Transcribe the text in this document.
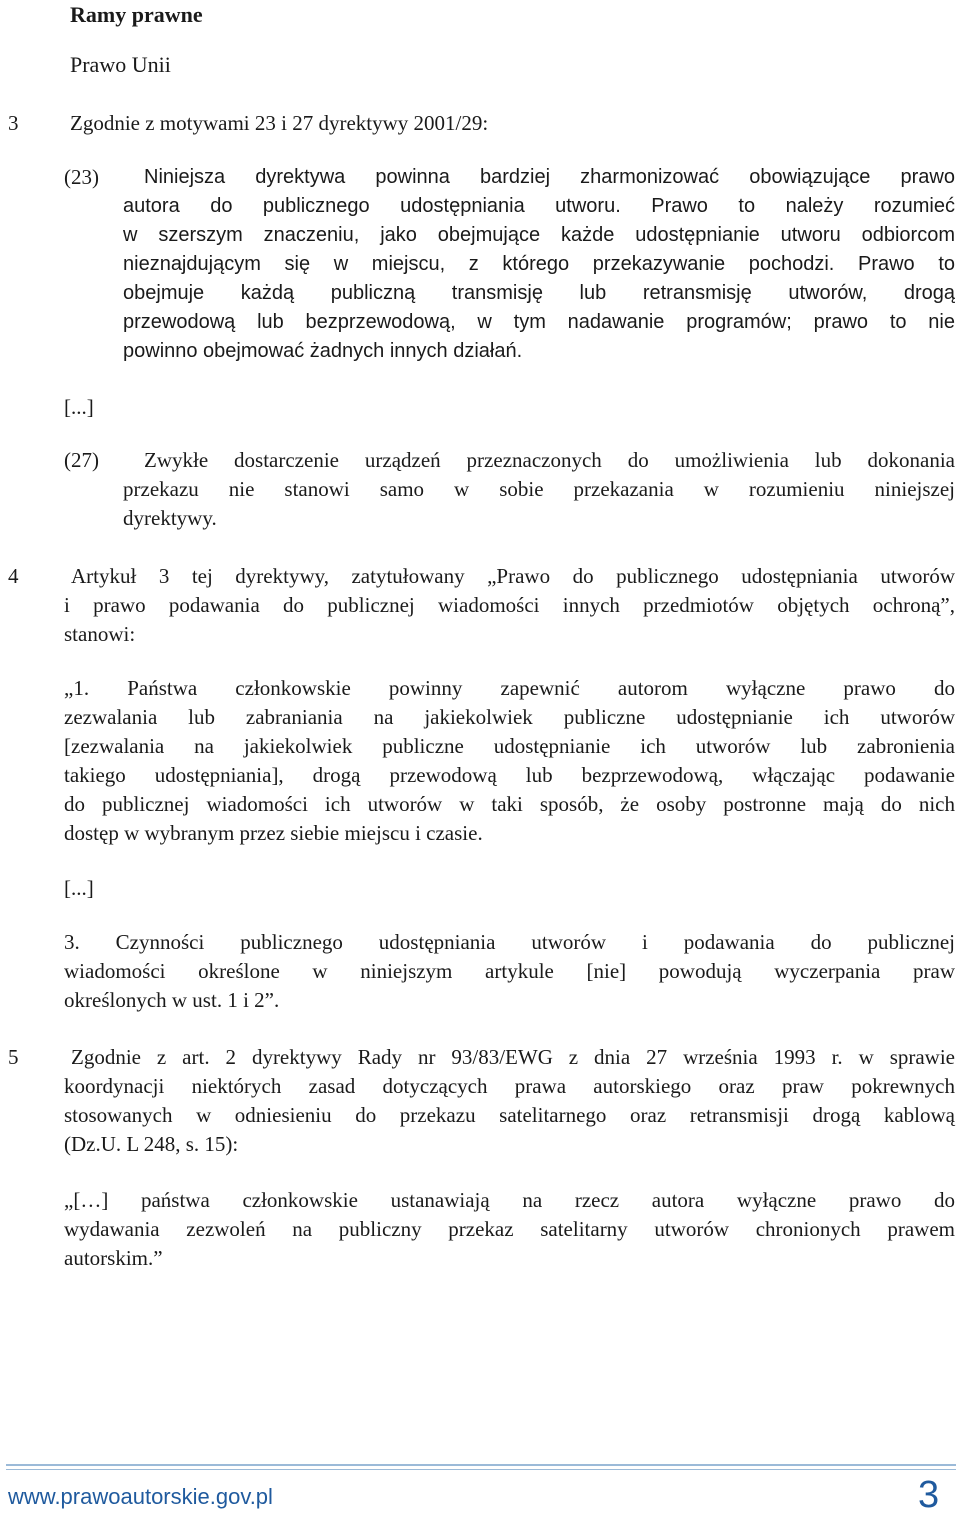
Ramy prawne
Prawo Unii
3 Zgodnie z motywami 23 i 27 dyrektywy 2001/29:
(23)	Niniejsza dyrektywa powinna bardziej zharmonizować obowiązujące prawo
autora do publicznego udostępniania utworu. Prawo to należy rozumieć
w szerszym znaczeniu, jako obejmujące każde udostępnianie utworu odbiorcom
nieznajdującym się w miejscu, z którego przekazywanie pochodzi. Prawo to
obejmuje każdą publiczną transmisję lub retransmisję utworów, drogą
przewodową lub bezprzewodową, w tym nadawanie programów; prawo to nie
powinno obejmować żadnych innych działań.
[...]
(27)	Zwykłe dostarczenie urządzeń przeznaczonych do umożliwienia lub dokonania
przekazu nie stanowi samo w sobie przekazania w rozumieniu niniejszej
dyrektywy.
4	Artykuł 3 tej dyrektywy, zatytułowany „Prawo do publicznego udostępniania utworów
i prawo podawania do publicznej wiadomości innych przedmiotów objętych ochroną”,
stanowi:
„1. Państwa członkowskie powinny zapewnić autorom wyłączne prawo do
zezwalania lub zabraniania na jakiekolwiek publiczne udostępnianie ich utworów
[zezwalania na jakiekolwiek publiczne udostępnianie ich utworów lub zabronienia
takiego udostępniania], drogą przewodową lub bezprzewodową, włączając podawanie
do publicznej wiadomości ich utworów w taki sposób, że osoby postronne mają do nich
dostęp w wybranym przez siebie miejscu i czasie.
[...]
3. Czynności publicznego udostępniania utworów i podawania do publicznej
wiadomości określone w niniejszym artykule [nie] powodują wyczerpania praw
określonych w ust. 1 i 2”.
5	Zgodnie z art. 2 dyrektywy Rady nr 93/83/EWG z dnia 27 września 1993 r. w sprawie
koordynacji niektórych zasad dotyczących prawa autorskiego oraz praw pokrewnych
stosowanych w odniesieniu do przekazu satelitarnego oraz retransmisji drogą kablową
(Dz.U. L 248, s. 15):
„[…] państwa członkowskie ustanawiają na rzecz autora wyłączne prawo do
wydawania zezwoleń na publiczny przekaz satelitarny utworów chronionych prawem
autorskim.”
www.prawoautorskie.gov.pl	3
